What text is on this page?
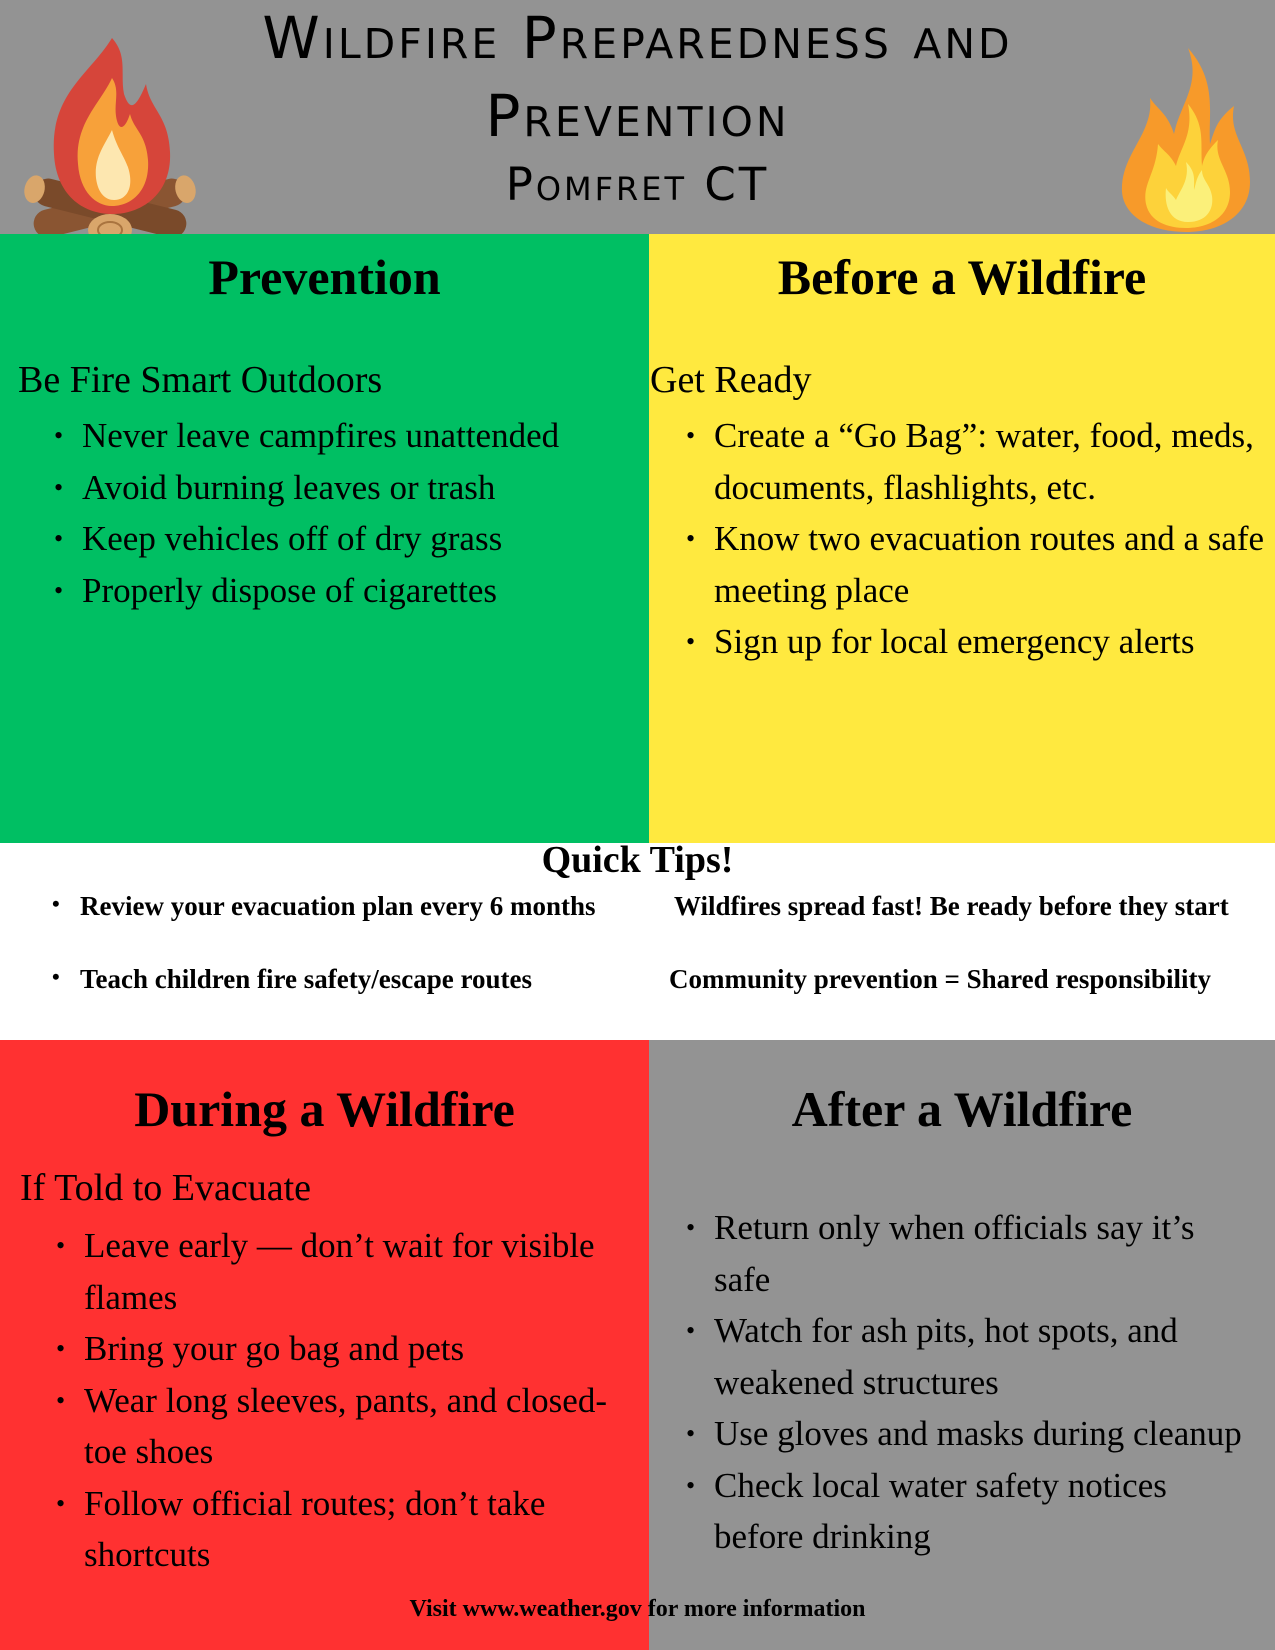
Wildfire Preparedness and
Prevention
Pomfret CT
Prevention
Be Fire Smart Outdoors
• Never leave campfires unattended
• Avoid burning leaves or trash
• Keep vehicles off of dry grass
• Properly dispose of cigarettes
Before a Wildfire
Get Ready
• Create a “Go Bag”: water, food, meds, documents, flashlights, etc.
• Know two evacuation routes and a safe meeting place
• Sign up for local emergency alerts
Quick Tips!
• Review your evacuation plan every 6 months
• Teach children fire safety/escape routes
Wildfires spread fast! Be ready before they start
Community prevention = Shared responsibility
During a Wildfire
If Told to Evacuate
• Leave early — don’t wait for visible flames
• Bring your go bag and pets
• Wear long sleeves, pants, and closed-toe shoes
• Follow official routes; don’t take shortcuts
After a Wildfire
• Return only when officials say it’s safe
• Watch for ash pits, hot spots, and weakened structures
• Use gloves and masks during cleanup
• Check local water safety notices before drinking
Visit www.weather.gov for more information
